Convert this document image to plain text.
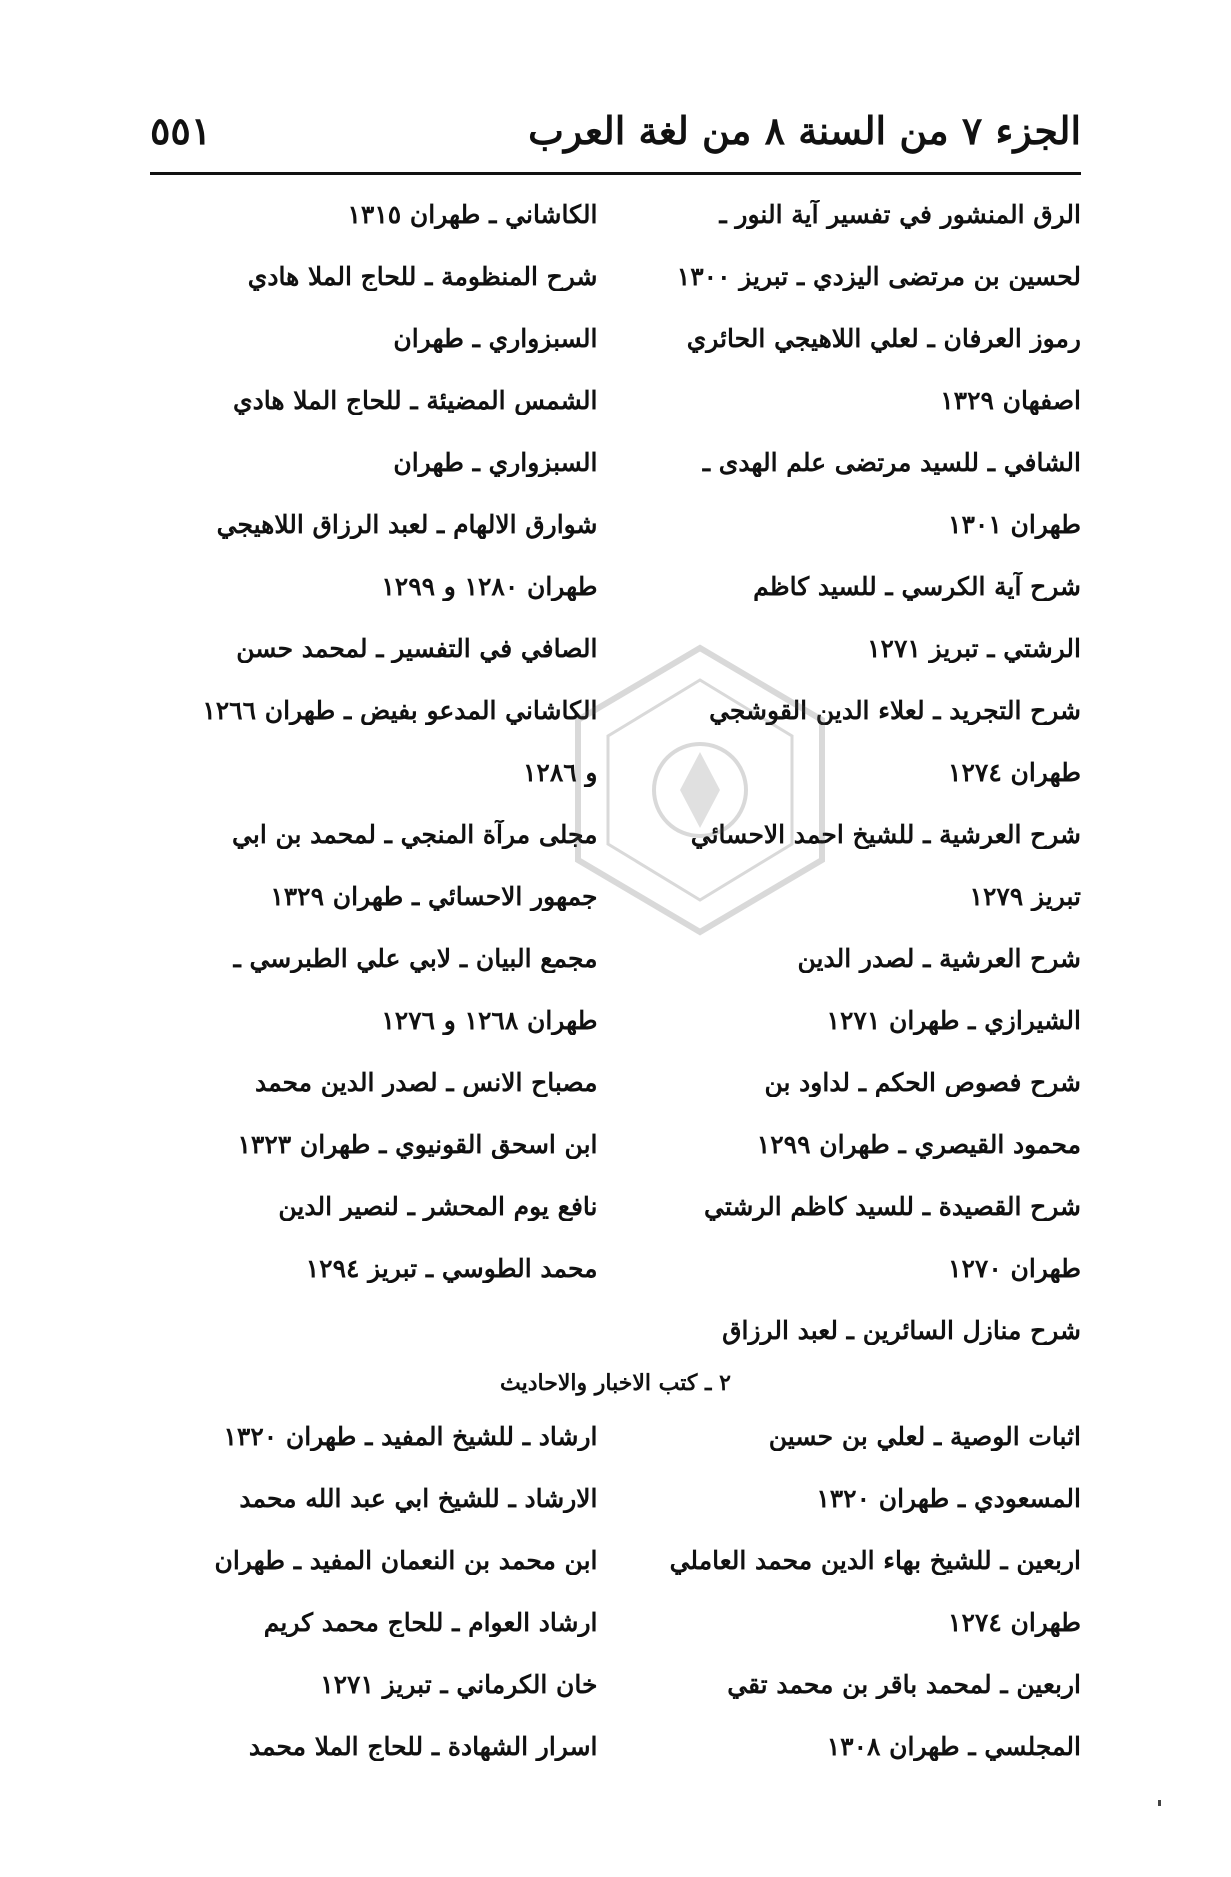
الجزء ٧ من السنة ٨ من لغة العرب
٥٥١
الرق المنشور في تفسير آية النور ـ
الكاشاني ـ طهران ١٣١٥
لحسين بن مرتضى اليزدي ـ تبريز ١٣٠٠
شرح المنظومة ـ للحاج الملا هادي
رموز العرفان ـ لعلي اللاهيجي الحائري
السبزواري ـ طهران
اصفهان ١٣٢٩
الشمس المضيئة ـ للحاج الملا هادي
الشافي ـ للسيد مرتضى علم الهدى ـ
السبزواري ـ طهران
طهران ١٣٠١
شوارق الالهام ـ لعبد الرزاق اللاهيجي
شرح آية الكرسي ـ للسيد كاظم
طهران ١٢٨٠ و ١٢٩٩
الرشتي ـ تبريز ١٢٧١
الصافي في التفسير ـ لمحمد حسن
شرح التجريد ـ لعلاء الدين القوشجي
الكاشاني المدعو بفيض ـ طهران ١٢٦٦
طهران ١٢٧٤
و ١٢٨٦
شرح العرشية ـ للشيخ احمد الاحسائي
مجلى مرآة المنجي ـ لمحمد بن ابي
تبريز ١٢٧٩
جمهور الاحسائي ـ طهران ١٣٢٩
شرح العرشية ـ لصدر الدين
مجمع البيان ـ لابي علي الطبرسي ـ
الشيرازي ـ طهران ١٢٧١
طهران ١٢٦٨ و ١٢٧٦
شرح فصوص الحكم ـ لداود بن
مصباح الانس ـ لصدر الدين محمد
محمود القيصري ـ طهران ١٢٩٩
ابن اسحق القونيوي ـ طهران ١٣٢٣
شرح القصيدة ـ للسيد كاظم الرشتي
نافع يوم المحشر ـ لنصير الدين
طهران ١٢٧٠
محمد الطوسي ـ تبريز ١٢٩٤
شرح منازل السائرين ـ لعبد الرزاق
٢ ـ كتب الاخبار والاحاديث
اثبات الوصية ـ لعلي بن حسين
ارشاد ـ للشيخ المفيد ـ طهران ١٣٢٠
المسعودي ـ طهران ١٣٢٠
الارشاد ـ للشيخ ابي عبد الله محمد
اربعين ـ للشيخ بهاء الدين محمد العاملي
ابن محمد بن النعمان المفيد ـ طهران
طهران ١٢٧٤
ارشاد العوام ـ للحاج محمد كريم
اربعين ـ لمحمد باقر بن محمد تقي
خان الكرماني ـ تبريز ١٢٧١
المجلسي ـ طهران ١٣٠٨
اسرار الشهادة ـ للحاج الملا محمد
